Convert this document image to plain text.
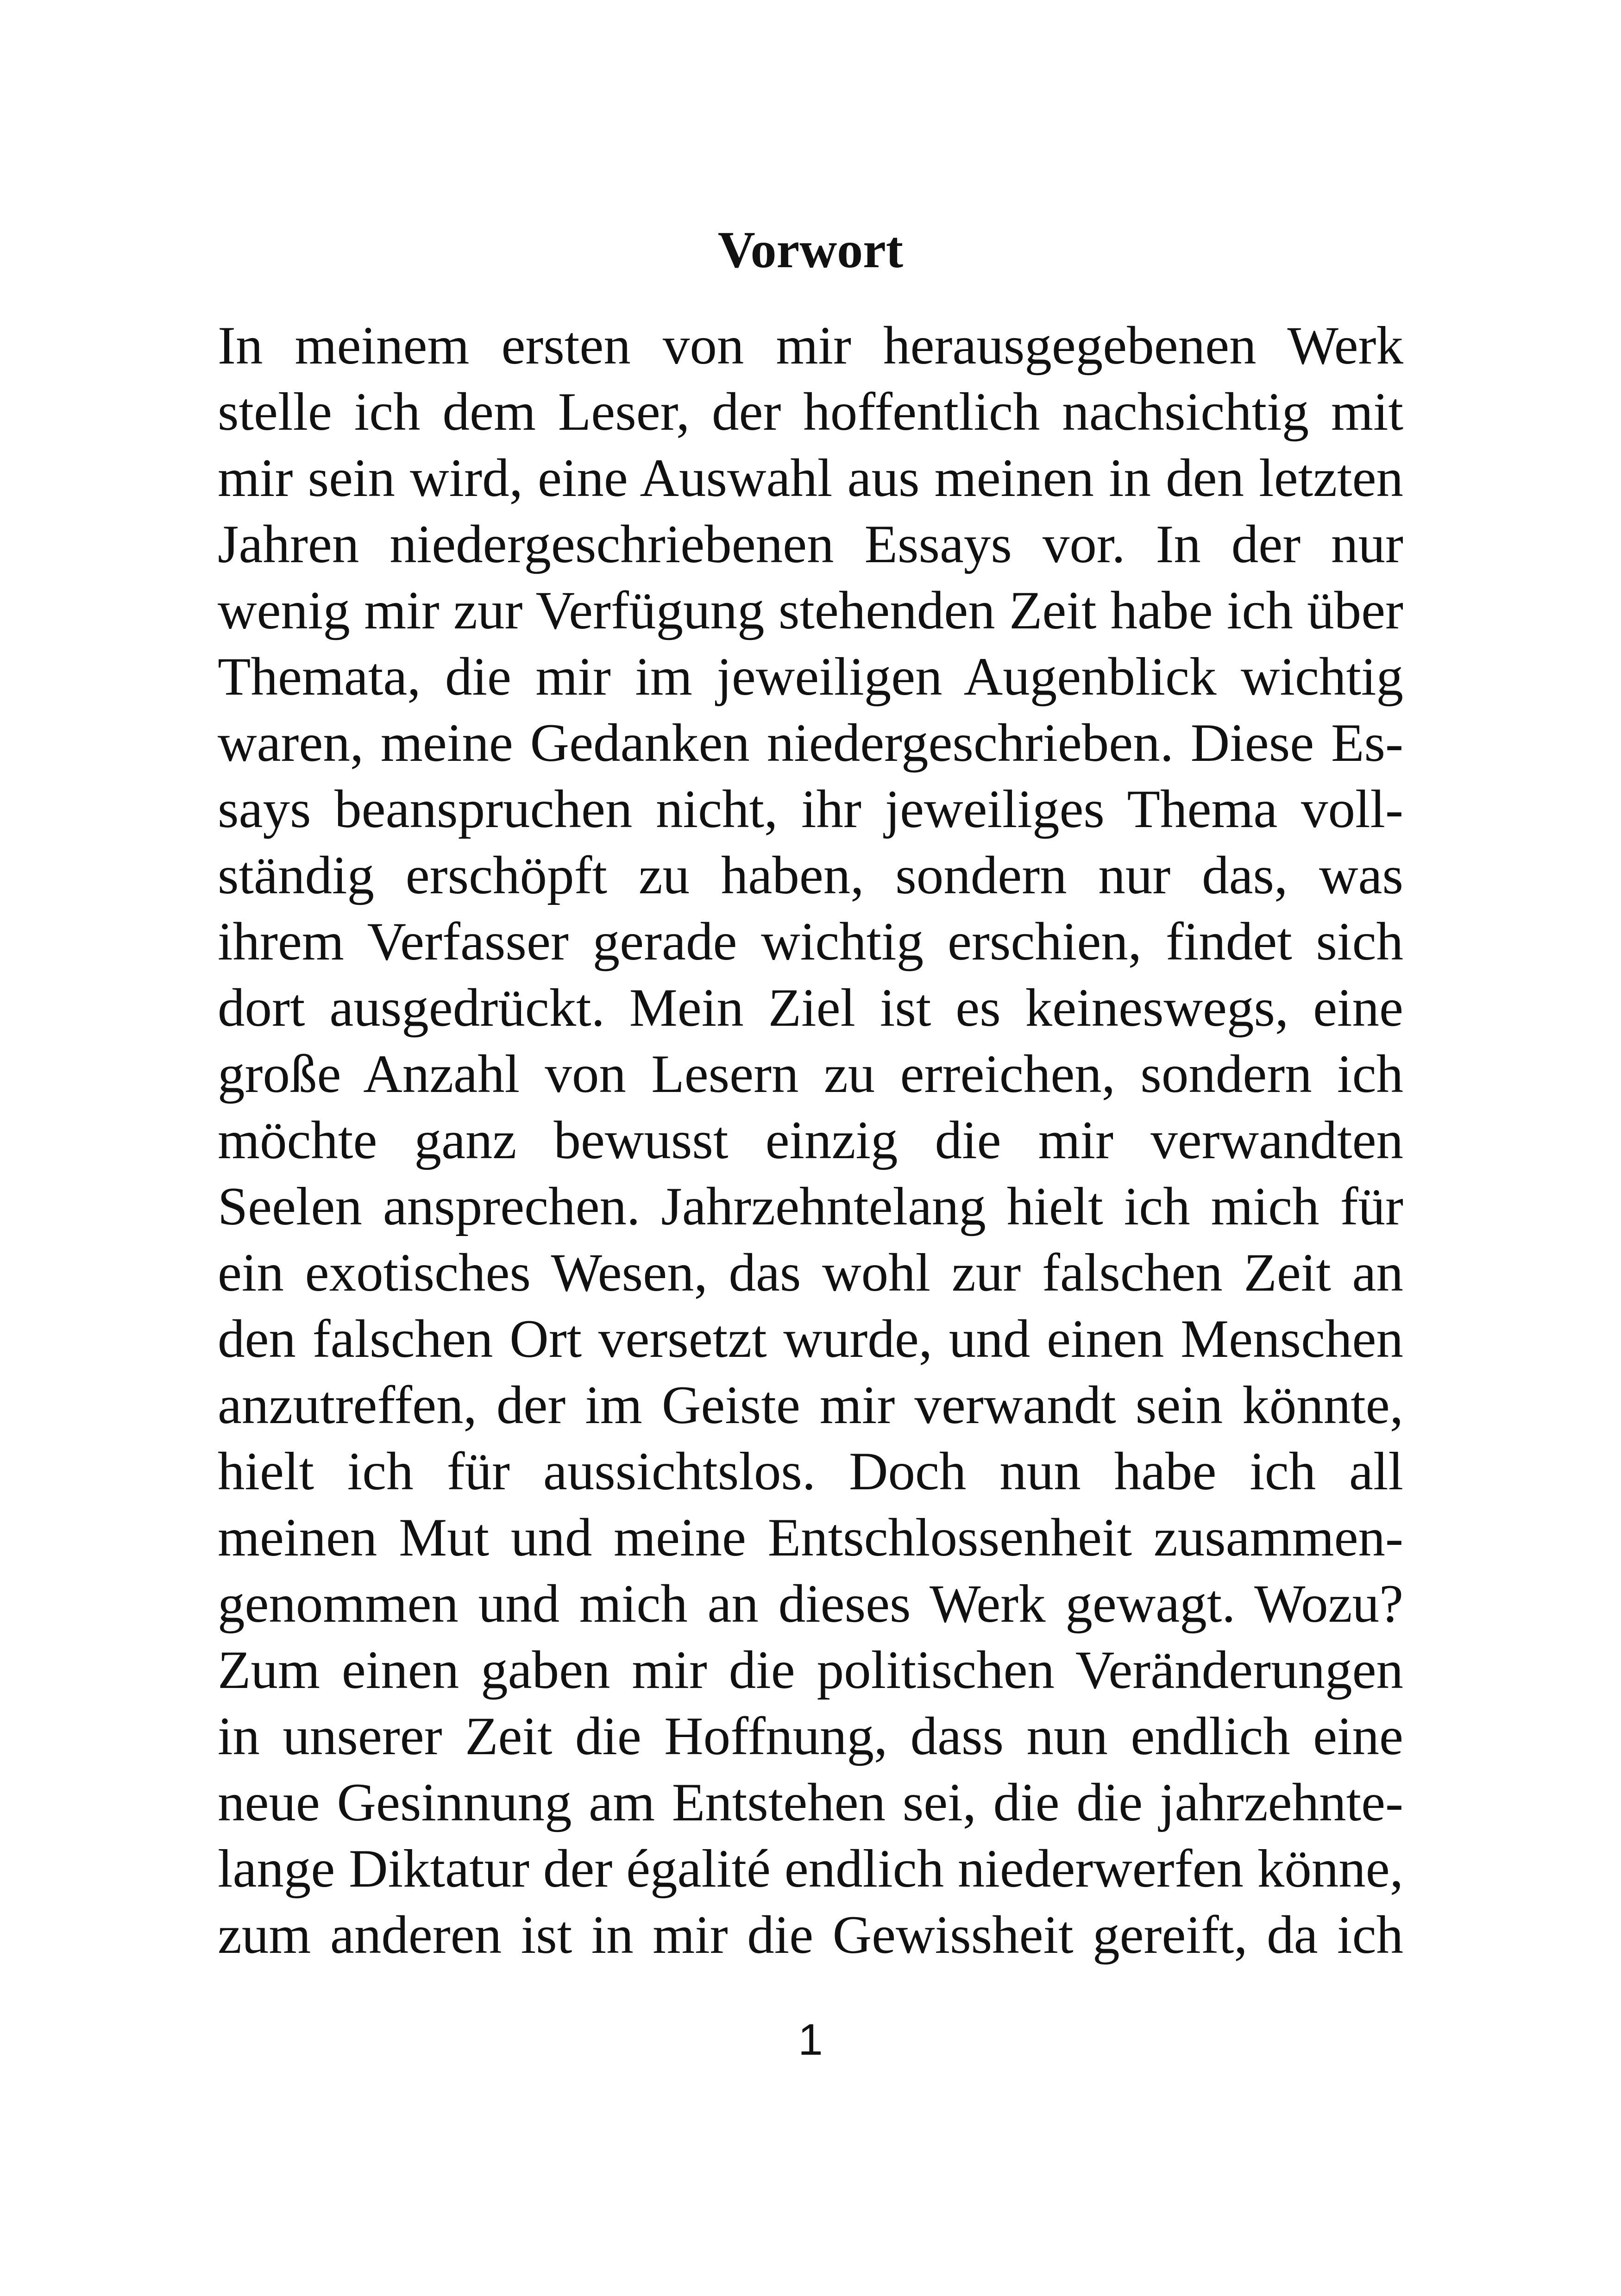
Vorwort
In meinem ersten von mir herausgegebenen Werk
stelle ich dem Leser, der hoffentlich nachsichtig mit
mir sein wird, eine Auswahl aus meinen in den letzten
Jahren niedergeschriebenen Essays vor. In der nur
wenig mir zur Verfügung stehenden Zeit habe ich über
Themata, die mir im jeweiligen Augenblick wichtig
waren, meine Gedanken niedergeschrieben. Diese Es-
says beanspruchen nicht, ihr jeweiliges Thema voll-
ständig erschöpft zu haben, sondern nur das, was
ihrem Verfasser gerade wichtig erschien, findet sich
dort ausgedrückt. Mein Ziel ist es keineswegs, eine
große Anzahl von Lesern zu erreichen, sondern ich
möchte ganz bewusst einzig die mir verwandten
Seelen ansprechen. Jahrzehntelang hielt ich mich für
ein exotisches Wesen, das wohl zur falschen Zeit an
den falschen Ort versetzt wurde, und einen Menschen
anzutreffen, der im Geiste mir verwandt sein könnte,
hielt ich für aussichtslos. Doch nun habe ich all
meinen Mut und meine Entschlossenheit zusammen-
genommen und mich an dieses Werk gewagt. Wozu?
Zum einen gaben mir die politischen Veränderungen
in unserer Zeit die Hoffnung, dass nun endlich eine
neue Gesinnung am Entstehen sei, die die jahrzehnte-
lange Diktatur der égalité endlich niederwerfen könne,
zum anderen ist in mir die Gewissheit gereift, da ich
1
